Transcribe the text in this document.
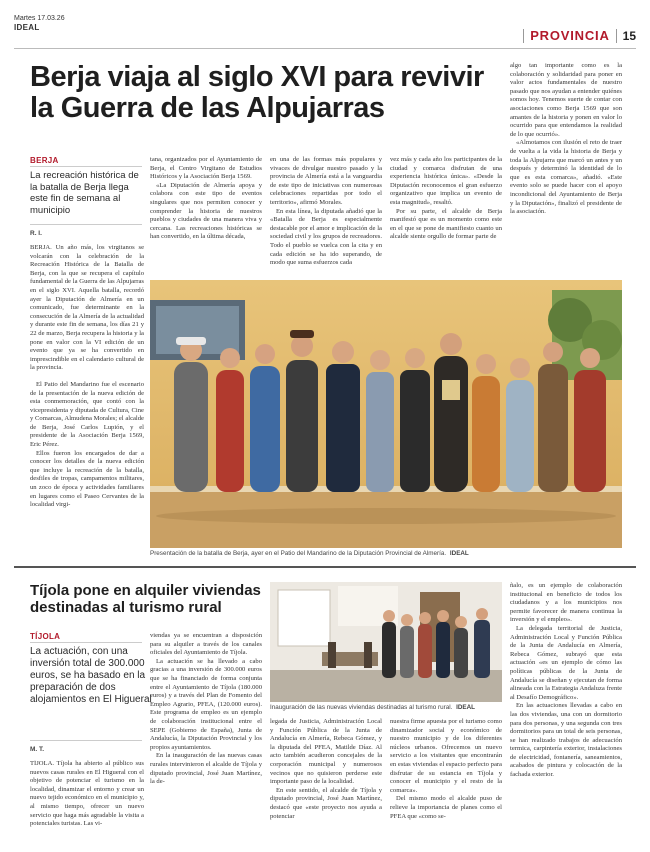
Martes 17.03.26
IDEAL
PROVINCIA 15
Berja viaja al siglo XVI para revivir la Guerra de las Alpujarras
BERJA
La recreación histórica de la batalla de Berja llega este fin de semana al municipio
R. I.

BERJA. Un año más, los virgitanos se volcarán con la celebración de la Recreación Histórica de la Batalla de Berja, con la que se recupera el capítulo fundamental de la Guerra de las Alpujarras en el siglo XVI. Aquella batalla, recordó ayer la Diputación de Almería en un comunicado, fue determinante en la consecución de la Almería de la actualidad y durante este fin de semana, los días 21 y 22 de marzo, Berja recupera la historia y la pone en valor con la VI edición de un evento que ya se ha convertido en imprescindible en el calendario cultural de la provincia.

El Patio del Mandarino fue el escenario de la presentación de la nueva edición de esta conmemoración, que contó con la vicepresidenta y diputada de Cultura, Cine y Comarcas, Almudena Morales; el alcalde de Berja, José Carlos Lupión, y el presidente de la Asociación Berja 1569, Eric Pérez.

Ellos fueron los encargados de dar a conocer los detalles de la nueva edición que incluye la recreación de la batalla, desfiles de tropas, campamentos militares, un zoco de época y actividades familiares en lugares como el Paseo Cervantes de la localidad virgi-

tana, organizados por el Ayuntamiento de Berja, el Centro Virgitano de Estudios Históricos y la Asociación Berja 1569.

«La Diputación de Almería apoya y colabora con este tipo de eventos singulares que nos permiten conocer y comprender la historia de nuestros pueblos y ciudades de una manera viva y cercana. Las recreaciones históricas se han convertido, en la última década,

en una de las formas más populares y vivaces de divulgar nuestro pasado y la provincia de Almería está a la vanguardia de este tipo de iniciativas con numerosas celebraciones repartidas por todo el territorio», afirmó Morales.

En esta línea, la diputada añadió que la «Batalla de Berja es especialmente destacable por el amor e implicación de la sociedad civil y los grupos de recreadores. Todo el pueblo se vuelca con la cita y en cada edición se ha ido superando, de modo que suma esfuerzos cada

vez más y cada año los participantes de la ciudad y comarca disfrutan de una experiencia histórica única». «Desde la Diputación reconocemos el gran esfuerzo organizativo que implica un evento de esta magnitud», resaltó.

Por su parte, el alcalde de Berja manifestó que es un momento como este en el que se pone de manifiesto cuanto un alcalde siente orgullo de formar parte de

algo tan importante como es la colaboración y solidaridad para poner en valor actos fundamentales de nuestro pasado que nos ayudan a entender quiénes somos hoy. Tenemos suerte de contar con asociaciones como Berja 1569 que son amantes de la historia y ponen en valor lo ocurrido para que entendamos la realidad de lo que ocurrió».

«Almotamos con ilusión el reto de traer de vuelta a la vida la historia de Berja y toda la Alpujarra que marcó un antes y un después y determinó la identidad de lo que es esta comarca», añadió. «Este evento solo se puede hacer con el apoyo incondicional del Ayuntamiento de Berja y la Diputación», finalizó el presidente de la asociación.

Presentación de la batalla de Berja, ayer en el Patio del Mandarino de la Diputación Provincial de Almería. IDEAL
Tíjola pone en alquiler viviendas destinadas al turismo rural
TÍJOLA
La actuación, con una inversión total de 300.000 euros, se ha basado en la preparación de dos alojamientos en El Higueral
M. T.

TÍJOLA. Tíjola ha abierto al público sus nuevos casas rurales en El Higueral con el objetivo de potenciar el turismo en la localidad, dinamizar el entorno y crear un nuevo tejido económico en el municipio y, al mismo tiempo, ofrecer un nuevo servicio que haga más agradable la visita a potenciales turistas. Las vi-

viendas ya se encuentran a disposición para su alquiler a través de los canales oficiales del Ayuntamiento de Tíjola.

La actuación se ha llevado a cabo gracias a una inversión de 300.000 euros que se ha financiado de forma conjunta entre el Ayuntamiento de Tíjola (180.000 euros) y a través del Plan de Fomento del Empleo Agrario, PFEA, (120.000 euros). Este programa de empleo es un ejemplo de colaboración institucional entre el SEPE (Gobierno de España), Junta de Andalucía, la Diputación Provincial y los propios ayuntamientos.

En la inauguración de las nuevas casas rurales intervinieron el alcalde de Tíjola y diputado provincial, José Juan Martínez, la de-

Inauguración de las nuevas viviendas destinadas al turismo rural. IDEAL

legada de Justicia, Administración Local y Función Pública de la Junta de Andalucía en Almería, Rebeca Gómez, y la diputada del PFEA, Matilde Díaz. Al acto también acudieron concejales de la corporación municipal y numerosos vecinos que no quisieron perderse este importante paso de la localidad.

En este sentido, el alcalde de Tíjola y diputado provincial, José Juan Martínez, destacó que «este proyecto nos ayuda a potenciar

nuestra firme apuesta por el turismo como dinamizador social y económico de nuestro municipio y de los diferentes núcleos urbanos. Ofrecemos un nuevo servicio a los visitantes que encontrarán en estas viviendas el espacio perfecto para disfrutar de su estancia en Tíjola y conocer el municipio y el resto de la comarca».

Del mismo modo el alcalde puso de relieve la importancia de planes como el PFEA que «como se-

ñalo, es un ejemplo de colaboración institucional en beneficio de todos los ciudadanos y a los municipios nos permite favorecer de manera continua la inversión y el empleo».

La delegada territorial de Justicia, Administración Local y Función Pública de la Junta de Andalucía en Almería, Rebeca Gómez, subrayó que esta actuación «es un ejemplo de cómo las políticas públicas de la Junta de Andalucía se diseñan y ejecutan de forma alineada con la Estrategia Andaluza frente al Desafío Demográfico».

En las actuaciones llevadas a cabo en las dos viviendas, una con un dormitorio para dos personas, y una segunda con tres dormitorios para un total de seis personas, se han realizado trabajos de adecuación termica, carpintería exterior, instalaciones de electricidad, fontanería, saneamientos, acabados de pintura y colocación de la fachada exterior.
